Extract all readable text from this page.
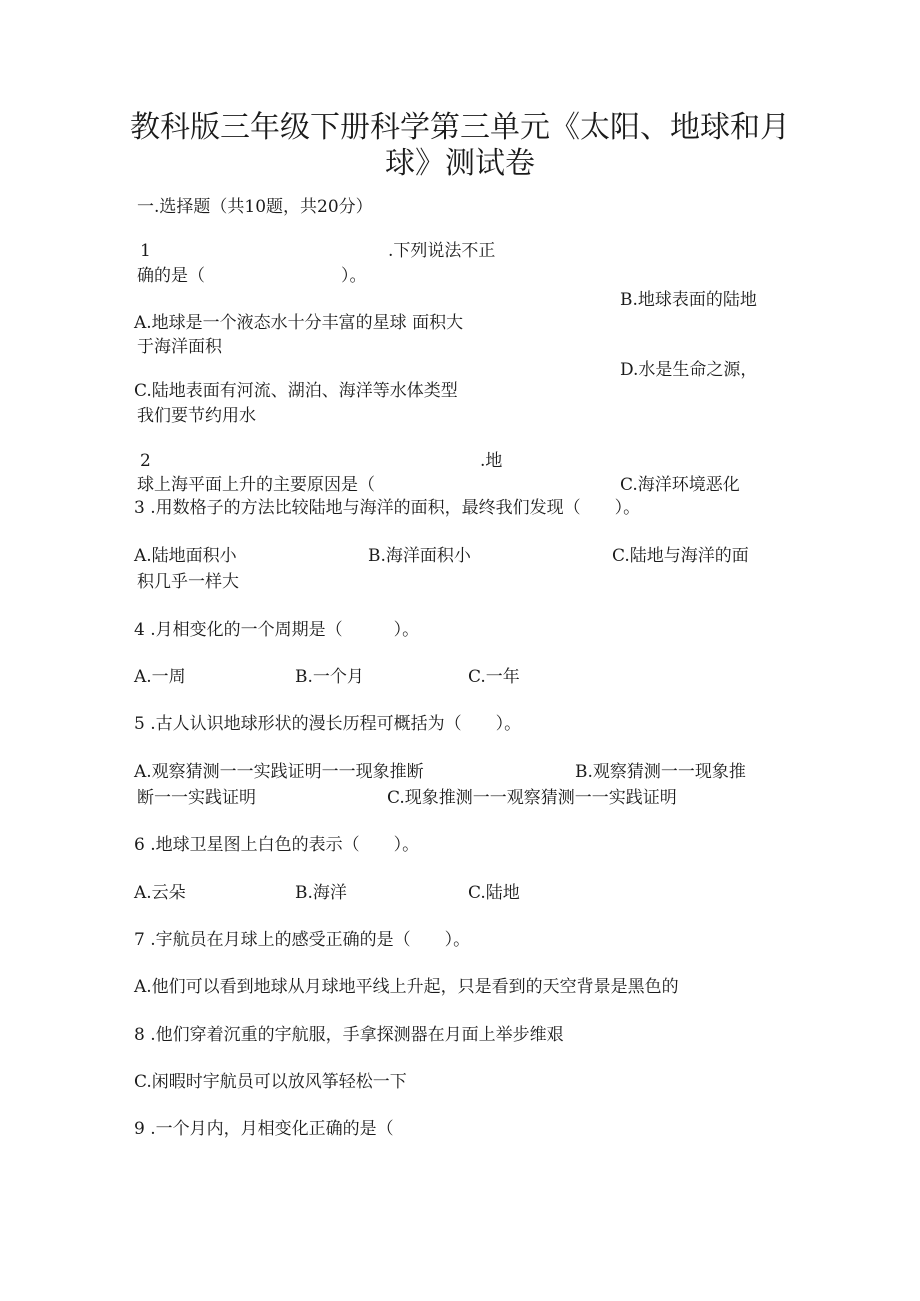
教科版三年级下册科学第三单元《太阳、地球和月
球》测试卷
一.选择题（共10题，共20分）
1	.下列说法不正
确的是（　　　　　　　　）。
B.地球表面的陆地
A.地球是一个液态水十分丰富的星球 面积大
于海洋面积
D.水是生命之源，
C.陆地表面有河流、湖泊、海洋等水体类型
我们要节约用水
2	.地
球上海平面上升的主要原因是（	C.海洋环境恶化
3 .用数格子的方法比较陆地与海洋的面积，最终我们发现（　　）。
A.陆地面积小	B.海洋面积小	C.陆地与海洋的面
积几乎一样大
4 .月相变化的一个周期是（　　　）。
A.一周	B.一个月	C.一年
5 .古人认识地球形状的漫长历程可概括为（　　）。
A.观察猜测一一实践证明一一现象推断	B.观察猜测一一现象推
断一一实践证明	C.现象推测一一观察猜测一一实践证明
6 .地球卫星图上白色的表示（　　）。
A.云朵	B.海洋	C.陆地
7 .宇航员在月球上的感受正确的是（　　）。
A.他们可以看到地球从月球地平线上升起，只是看到的天空背景是黑色的
8 .他们穿着沉重的宇航服，手拿探测器在月面上举步维艰
C.闲暇时宇航员可以放风筝轻松一下
9 .一个月内，月相变化正确的是（
